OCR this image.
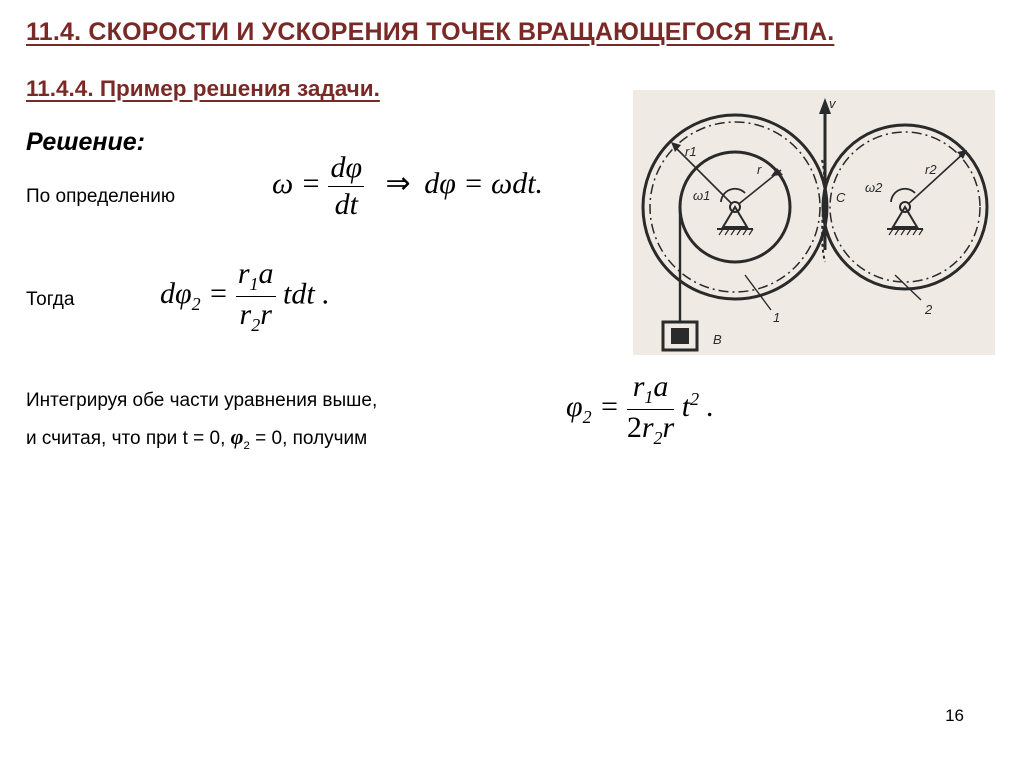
11.4. СКОРОСТИ И УСКОРЕНИЯ ТОЧЕК ВРАЩАЮЩЕГОСЯ ТЕЛА.
11.4.4. Пример решения задачи.
Решение:
По определению	$\omega = \frac{d\varphi}{dt}$ ⇒ dφ = ωdt.
Тогда	$d\varphi_2 = \frac{r_1a}{r_2r}$ tdt .
Интегрируя обе части уравнения выше,
и считая, что при t = 0, $\varphi_2 = 0$, получим
$\varphi_2 = \frac{r_1a}{2r_2r} t^2$ .
v
r1
r
ω1	C
ω2
r2
B
1
2
16
